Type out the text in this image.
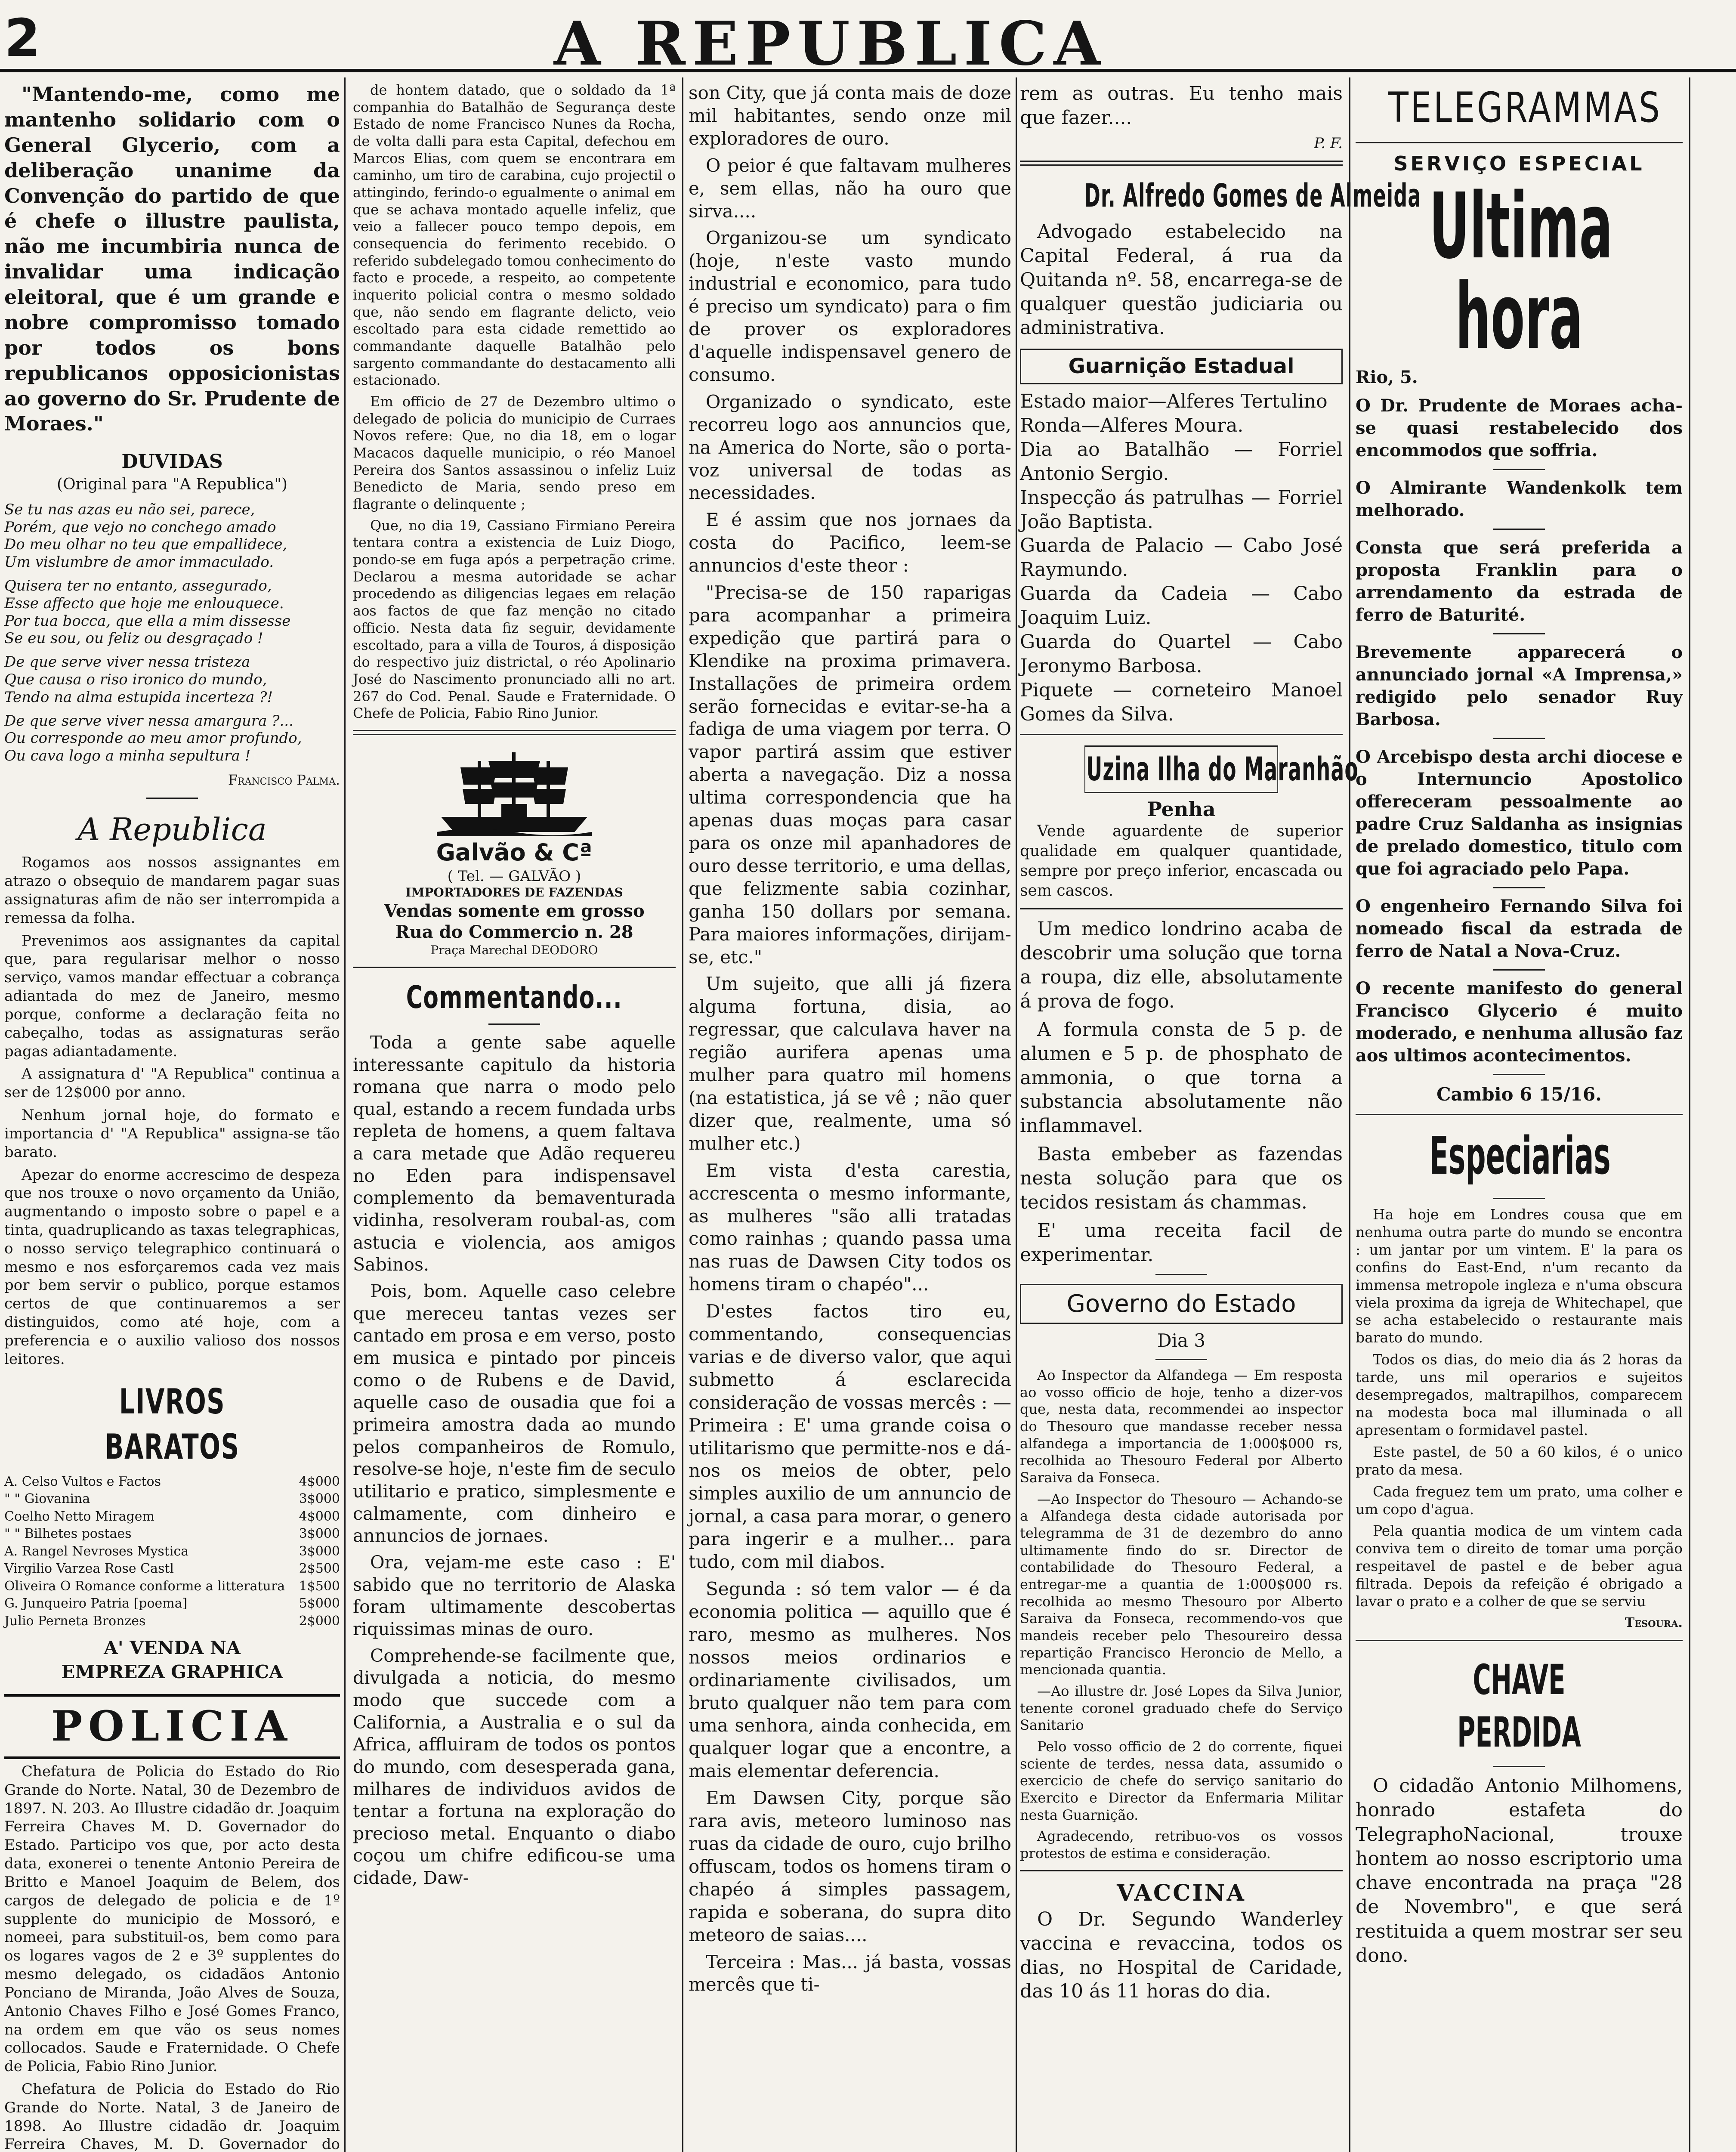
2	A REPUBLICA

"Mantendo-me, como me mantenho solidario com o General Glycerio, com a deliberação unanime da Convenção do partido de que é chefe o illustre paulista, não me incumbiria nunca de invalidar uma indicação eleitoral, que é um grande e nobre compromisso tomado por todos os bons republicanos opposicionistas ao governo do Sr. Prudente de Moraes."

DUVIDAS
(Original para "A Republica")
Se tu nas azas eu não sei, parece,
Porém, que vejo no conchego amado
Do meu olhar no teu que empallidece,
Um vislumbre de amor immaculado.
Quisera ter no entanto, assegurado,
Esse affecto que hoje me enlouquece.
Por tua bocca, que ella a mim dissesse
Se eu sou, ou feliz ou desgraçado !
De que serve viver nessa tristeza
Que causa o riso ironico do mundo,
Tendo na alma estupida incerteza ?!
De que serve viver nessa amargura ?...
Ou corresponde ao meu amor profundo,
Ou cava logo a minha sepultura !
Francisco Palma.
A Republica

Rogamos aos nossos assignantes em atrazo o obsequio de mandarem pagar suas assignaturas afim de não ser interrompida a remessa da folha.

Prevenimos aos assignantes da capital que, para regularisar melhor o nosso serviço, vamos mandar effectuar a cobrança adiantada do mez de Janeiro, mesmo porque, conforme a declaração feita no cabeçalho, todas as assignaturas serão pagas adiantadamente.

A assignatura d' "A Republica" continua a ser de 12$000 por anno.

Nenhum jornal hoje, do formato e importancia d' "A Republica" assigna-se tão barato.

Apezar do enorme accrescimo de despeza que nos trouxe o novo orçamento da União, augmentando o imposto sobre o papel e a tinta, quadruplicando as taxas telegraphicas, o nosso serviço telegraphico continuará o mesmo e nos esforçaremos cada vez mais por bem servir o publico, porque estamos certos de que continuaremos a ser distinguidos, como até hoje, com a preferencia e o auxilio valioso dos nossos leitores.

LIVROS BARATOS
A. Celso Vultos e Factos	4$000
" " Giovanina	3$000
Coelho Netto Miragem	4$000
" " Bilhetes postaes	3$000
A. Rangel Nevroses Mystica	3$000
Virgilio Varzea Rose Castl	2$500
Oliveira O Romance conforme a litteratura 1$500
G. Junqueiro Patria [poema]	5$000
Julio Perneta Bronzes	2$000
A' VENDA NA
EMPREZA GRAPHICA
POLICIA

Chefatura de Policia do Estado do Rio Grande do Norte. Natal, 30 de Dezembro de 1897. N. 203. Ao Illustre cidadão dr. Joaquim Ferreira Chaves M. D. Governador do Estado. Participo vos que, por acto desta data, exonerei o tenente Antonio Pereira de Britto e Manoel Joaquim de Belem, dos cargos de delegado de policia e de 1º supplente do municipio de Mossoró, e nomeei, para substituil-os, bem como para os logares vagos de 2 e 3º supplentes do mesmo delegado, os cidadãos Antonio Ponciano de Miranda, João Alves de Souza, Antonio Chaves Filho e José Gomes Franco, na ordem em que vão os seus nomes collocados. Saude e Fraternidade. O Chefe de Policia, Fabio Rino Junior.

Chefatura de Policia do Estado do Rio Grande do Norte. Natal, 3 de Janeiro de 1898. Ao Illustre cidadão dr. Joaquim Ferreira Chaves, M. D. Governador do

de hontem datado, que o soldado da 1ª companhia do Batalhão de Segurança deste Estado de nome Francisco Nunes da Rocha, de volta dalli para esta Capital, defechou em Marcos Elias, com quem se encontrara em caminho, um tiro de carabina, cujo projectil o attingindo, ferindo-o egualmente o animal em que se achava montado aquelle infeliz, que veio a fallecer pouco tempo depois, em consequencia do ferimento recebido. O referido subdelegado tomou conhecimento do facto e procede, a respeito, ao competente inquerito policial contra o mesmo soldado que, não sendo em flagrante delicto, veio escoltado para esta cidade remettido ao commandante daquelle Batalhão pelo sargento commandante do destacamento alli estacionado.

Em officio de 27 de Dezembro ultimo o delegado de policia do municipio de Curraes Novos refere: Que, no dia 18, em o logar Macacos daquelle municipio, o réo Manoel Pereira dos Santos assassinou o infeliz Luiz Benedicto de Maria, sendo preso em flagrante o delinquente ;

Que, no dia 19, Cassiano Firmiano Pereira tentara contra a existencia de Luiz Diogo, pondo-se em fuga após a perpetração crime. Declarou a mesma autoridade se achar procedendo as diligencias legaes em relação aos factos de que faz menção no citado officio. Nesta data fiz seguir, devidamente escoltado, para a villa de Touros, á disposição do respectivo juiz districtal, o réo Apolinario José do Nascimento pronunciado alli no art. 267 do Cod. Penal. Saude e Fraternidade. O Chefe de Policia, Fabio Rino Junior.

Galvão & Cª
( Tel. — GALVÃO )
IMPORTADORES DE FAZENDAS
Vendas somente em grosso
Rua do Commercio n. 28
Praça Marechal DEODORO
Commentando...

Toda a gente sabe aquelle interessante capitulo da historia romana que narra o modo pelo qual, estando a recem fundada urbs repleta de homens, a quem faltava a cara metade que Adão requereu no Eden para indispensavel complemento da bemaventurada vidinha, resolveram roubal-as, com astucia e violencia, aos amigos Sabinos.

Pois, bom. Aquelle caso celebre que mereceu tantas vezes ser cantado em prosa e em verso, posto em musica e pintado por pinceis como o de Rubens e de David, aquelle caso de ousadia que foi a primeira amostra dada ao mundo pelos companheiros de Romulo, resolve-se hoje, n'este fim de seculo utilitario e pratico, simplesmente e calmamente, com dinheiro e annuncios de jornaes.

Ora, vejam-me este caso : E' sabido que no territorio de Alaska foram ultimamente descobertas riquissimas minas de ouro.

Comprehende-se facilmente que, divulgada a noticia, do mesmo modo que succede com a California, a Australia e o sul da Africa, affluiram de todos os pontos do mundo, com desesperada gana, milhares de individuos avidos de tentar a fortuna na exploração do precioso metal. Enquanto o diabo coçou um chifre edificou-se uma cidade, Daw-

son City, que já conta mais de doze mil habitantes, sendo onze mil exploradores de ouro.

O peior é que faltavam mulheres e, sem ellas, não ha ouro que sirva....

Organizou-se um syndicato (hoje, n'este vasto mundo industrial e economico, para tudo é preciso um syndicato) para o fim de prover os exploradores d'aquelle indispensavel genero de consumo.

Organizado o syndicato, este recorreu logo aos annuncios que, na America do Norte, são o porta-voz universal de todas as necessidades.

E é assim que nos jornaes da costa do Pacifico, leem-se annuncios d'este theor :

"Precisa-se de 150 raparigas para acompanhar a primeira expedição que partirá para o Klendike na proxima primavera. Installações de primeira ordem serão fornecidas e evitar-se-ha a fadiga de uma viagem por terra. O vapor partirá assim que estiver aberta a navegação. Diz a nossa ultima correspondencia que ha apenas duas moças para casar para os onze mil apanhadores de ouro desse territorio, e uma dellas, que felizmente sabia cozinhar, ganha 150 dollars por semana. Para maiores informações, dirijam-se, etc."

Um sujeito, que alli já fizera alguma fortuna, disia, ao regressar, que calculava haver na região aurifera apenas uma mulher para quatro mil homens (na estatistica, já se vê ; não quer dizer que, realmente, uma só mulher etc.)

Em vista d'esta carestia, accrescenta o mesmo informante, as mulheres "são alli tratadas como rainhas ; quando passa uma nas ruas de Dawsen City todos os homens tiram o chapéo"...

D'estes factos tiro eu, commentando, consequencias varias e de diverso valor, que aqui submetto á esclarecida consideração de vossas mercês : — Primeira : E' uma grande coisa o utilitarismo que permitte-nos e dá-nos os meios de obter, pelo simples auxilio de um annuncio de jornal, a casa para morar, o genero para ingerir e a mulher... para tudo, com mil diabos.

Segunda : só tem valor — é da economia politica — aquillo que é raro, mesmo as mulheres. Nos nossos meios ordinarios e ordinariamente civilisados, um bruto qualquer não tem para com uma senhora, ainda conhecida, em qualquer logar que a encontre, a mais elementar deferencia.

Em Dawsen City, porque são rara avis, meteoro luminoso nas ruas da cidade de ouro, cujo brilho offuscam, todos os homens tiram o chapéo á simples passagem, rapida e soberana, do supra dito meteoro de saias....

Terceira : Mas... já basta, vossas mercês que ti-

rem as outras. Eu tenho mais que fazer....

P. F.
Dr. Alfredo Gomes de Almeida

Advogado estabelecido na Capital Federal, á rua da Quitanda nº. 58, encarrega-se de qualquer questão judiciaria ou administrativa.

Guarnição Estadual
Estado maior—Alferes Tertulino
Ronda—Alferes Moura.
Dia ao Batalhão — Forriel Antonio Sergio.
Inspecção ás patrulhas — Forriel João Baptista.
Guarda de Palacio — Cabo José Raymundo.
Guarda da Cadeia — Cabo Joaquim Luiz.
Guarda do Quartel — Cabo Jeronymo Barbosa.
Piquete — corneteiro Manoel Gomes da Silva.
Uzina Ilha do Maranhão
Penha

Vende aguardente de superior qualidade em qualquer quantidade, sempre por preço inferior, encascada ou sem cascos.

Um medico londrino acaba de descobrir uma solução que torna a roupa, diz elle, absolutamente á prova de fogo.

A formula consta de 5 p. de alumen e 5 p. de phosphato de ammonia, o que torna a substancia absolutamente não inflammavel.

Basta embeber as fazendas nesta solução para que os tecidos resistam ás chammas.

E' uma receita facil de experimentar.

Governo do Estado
Dia 3

Ao Inspector da Alfandega — Em resposta ao vosso officio de hoje, tenho a dizer-vos que, nesta data, recommendei ao inspector do Thesouro que mandasse receber nessa alfandega a importancia de 1:000$000 rs, recolhida ao Thesouro Federal por Alberto Saraiva da Fonseca.

—Ao Inspector do Thesouro — Achando-se a Alfandega desta cidade autorisada por telegramma de 31 de dezembro do anno ultimamente findo do sr. Director de contabilidade do Thesouro Federal, a entregar-me a quantia de 1:000$000 rs. recolhida ao mesmo Thesouro por Alberto Saraiva da Fonseca, recommendo-vos que mandeis receber pelo Thesoureiro dessa repartição Francisco Heroncio de Mello, a mencionada quantia.

—Ao illustre dr. José Lopes da Silva Junior, tenente coronel graduado chefe do Serviço Sanitario

Pelo vosso officio de 2 do corrente, fiquei sciente de terdes, nessa data, assumido o exercicio de chefe do serviço sanitario do Exercito e Director da Enfermaria Militar nesta Guarnição.

Agradecendo, retribuo-vos os vossos protestos de estima e consideração.

VACCINA

O Dr. Segundo Wanderley vaccina e revaccina, todos os dias, no Hospital de Caridade, das 10 ás 11 horas do dia.

TELEGRAMMAS
SERVIÇO ESPECIAL
Ultima hora
Rio, 5.
O Dr. Prudente de Moraes acha-se quasi restabelecido dos encommodos que soffria.
O Almirante Wandenkolk tem melhorado.
Consta que será preferida a proposta Franklin para o arrendamento da estrada de ferro de Baturité.
Brevemente apparecerá o annunciado jornal «A Imprensa,» redigido pelo senador Ruy Barbosa.
O Arcebispo desta archi diocese e o Internuncio Apostolico offereceram pessoalmente ao padre Cruz Saldanha as insignias de prelado domestico, titulo com que foi agraciado pelo Papa.
O engenheiro Fernando Silva foi nomeado fiscal da estrada de ferro de Natal a Nova-Cruz.
O recente manifesto do general Francisco Glycerio é muito moderado, e nenhuma allusão faz aos ultimos acontecimentos.
Cambio 6 15/16.
Especiarias

Ha hoje em Londres cousa que em nenhuma outra parte do mundo se encontra : um jantar por um vintem. E' la para os confins do East-End, n'um recanto da immensa metropole ingleza e n'uma obscura viela proxima da igreja de Whitechapel, que se acha estabelecido o restaurante mais barato do mundo.

Todos os dias, do meio dia ás 2 horas da tarde, uns mil operarios e sujeitos desempregados, maltrapilhos, comparecem na modesta boca mal illuminada o all apresentam o formidavel pastel.

Este pastel, de 50 a 60 kilos, é o unico prato da mesa.

Cada freguez tem um prato, uma colher e um copo d'agua.

Pela quantia modica de um vintem cada conviva tem o direito de tomar uma porção respeitavel de pastel e de beber agua filtrada. Depois da refeição é obrigado a lavar o prato e a colher de que se serviu

Tesoura.
CHAVE PERDIDA

O cidadão Antonio Milhomens, honrado estafeta do TelegraphoNacional, trouxe hontem ao nosso escriptorio uma chave encontrada na praça "28 de Novembro", e que será restituida a quem mostrar ser seu dono.
